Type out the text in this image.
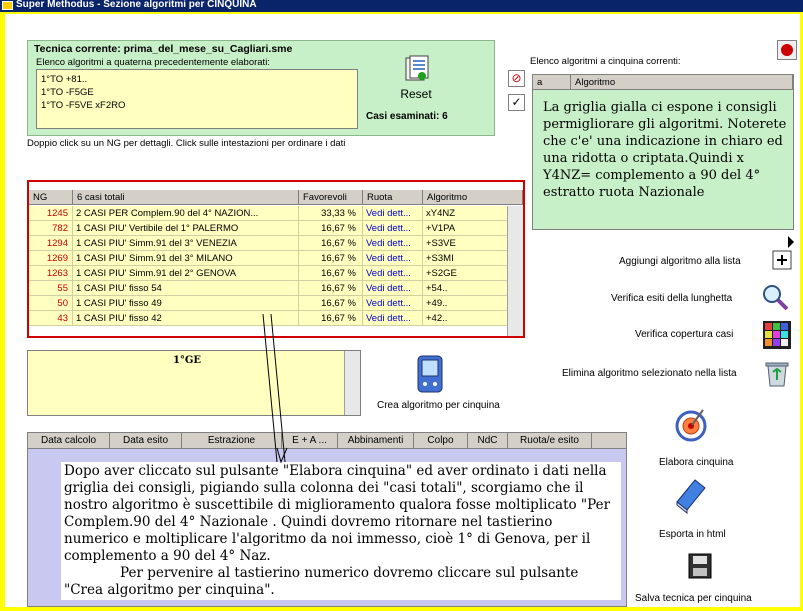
Super Methodus - Sezione algoritmi per CINQUINA
Tecnica corrente: prima_del_mese_su_Cagliari.sme
Elenco algoritmi a quaterna precedentemente elaborati:
1°TO +81..
1°TO -F5GE
1°TO -F5VE xF2RO
Reset
Casi esaminati: 6
Doppio click su un NG per dettagli. Click sulle intestazioni per ordinare i dati
Elenco algoritmi a cinquina correnti:
⊘
✓
a	Algoritmo
La griglia gialla ci espone i consigli permigliorare gli algoritmi. Noterete che c'e' una indicazione in chiaro ed una ridotta o criptata.Quindi x Y4NZ= complemento a 90 del 4° estratto ruota Nazionale
NG	6 casi totali	Favorevoli	Ruota	Algoritmo
1245 2 CASI PER Complem.90 del 4° NAZION...	33,33 %	Vedi dett...	xY4NZ
782 1 CASI PIU' Vertibile del 1° PALERMO	16,67 %	Vedi dett...	+V1PA
1294 1 CASI PIU' Simm.91 del 3° VENEZIA	16,67 %	Vedi dett...	+S3VE
1269 1 CASI PIU' Simm.91 del 3° MILANO	16,67 %	Vedi dett...	+S3MI
1263 1 CASI PIU' Simm.91 del 2° GENOVA	16,67 %	Vedi dett...	+S2GE
55 1 CASI PIU' fisso 54	16,67 %	Vedi dett...	+54..
50 1 CASI PIU' fisso 49	16,67 %	Vedi dett...	+49..
43 1 CASI PIU' fisso 42	16,67 %	Vedi dett...	+42..
1°GE
Crea algoritmo per cinquina
Data calcolo	Data esito	Estrazione	E + A ...	Abbinamenti	Colpo	NdC	Ruota/e esito
Dopo aver cliccato sul pulsante "Elabora cinquina" ed aver ordinato i dati nella griglia dei consigli, pigiando sulla colonna dei "casi totali", scorgiamo che il nostro algoritmo è suscettibile di miglioramento qualora fosse moltiplicato "Per Complem.90 del 4° Nazionale . Quindi dovremo ritornare nel tastierino numerico e moltiplicare l'algoritmo da noi immesso, cioè 1° di Genova, per il complemento a 90 del 4° Naz.
Per pervenire al tastierino numerico dovremo cliccare sul pulsante "Crea algoritmo per cinquina".
Aggiungi algoritmo alla lista
Verifica esiti della lunghetta
Verifica copertura casi
Elimina algoritmo selezionato nella lista
Elabora cinquina
Esporta in html
Salva tecnica per cinquina
